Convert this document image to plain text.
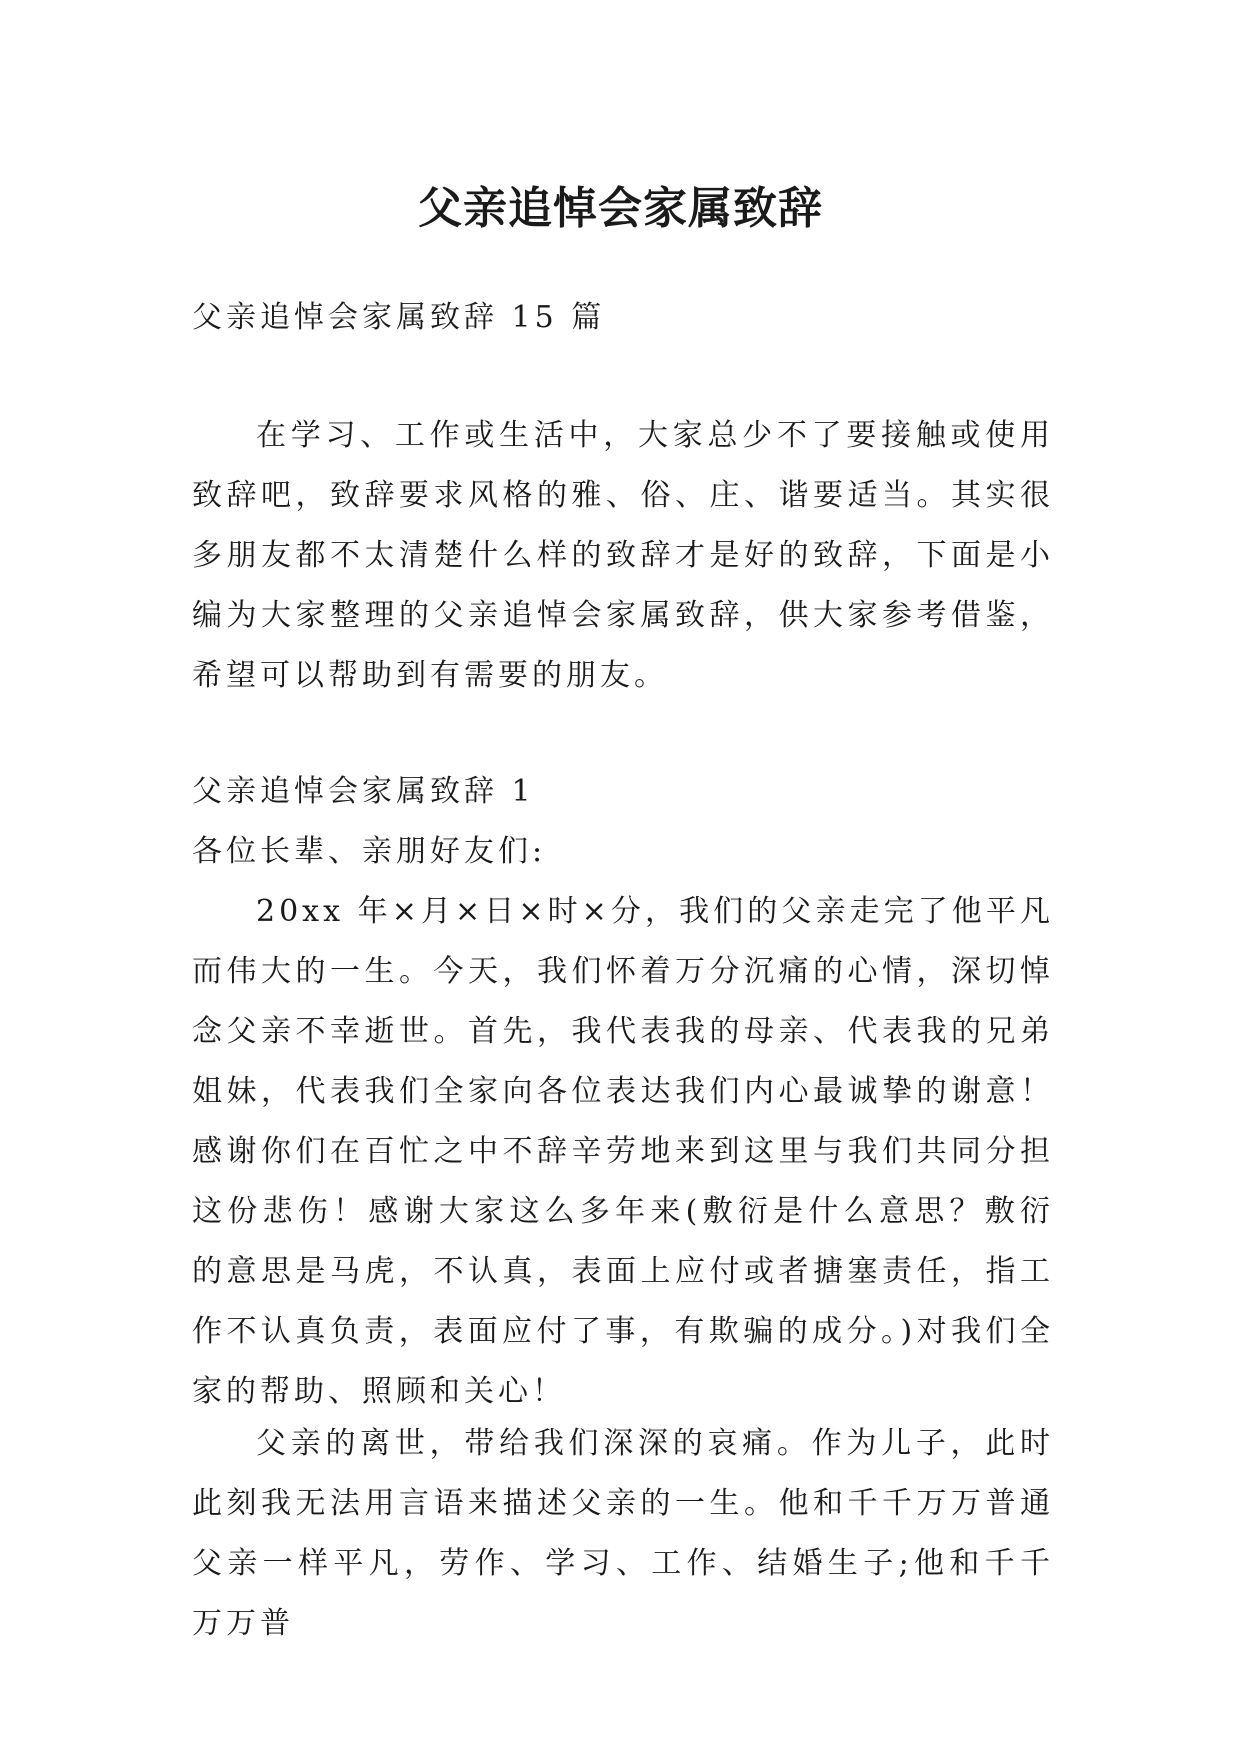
父亲追悼会家属致辞

父亲追悼会家属致辞 15 篇

在学习、工作或生活中，大家总少不了要接触或使用致辞吧，致辞要求风格的雅、俗、庄、谐要适当。其实很多朋友都不太清楚什么样的致辞才是好的致辞，下面是小编为大家整理的父亲追悼会家属致辞，供大家参考借鉴，希望可以帮助到有需要的朋友。

父亲追悼会家属致辞 1

各位长辈、亲朋好友们:

20xx 年×月×日×时×分，我们的父亲走完了他平凡而伟大的一生。今天，我们怀着万分沉痛的心情，深切悼念父亲不幸逝世。首先，我代表我的母亲、代表我的兄弟姐妹，代表我们全家向各位表达我们内心最诚挚的谢意！感谢你们在百忙之中不辞辛劳地来到这里与我们共同分担这份悲伤！感谢大家这么多年来(敷衍是什么意思？敷衍的意思是马虎，不认真，表面上应付或者搪塞责任，指工作不认真负责，表面应付了事，有欺骗的成分。)对我们全家的帮助、照顾和关心！

父亲的离世，带给我们深深的哀痛。作为儿子，此时此刻我无法用言语来描述父亲的一生。他和千千万万普通父亲一样平凡，劳作、学习、工作、结婚生子;他和千千万万普
